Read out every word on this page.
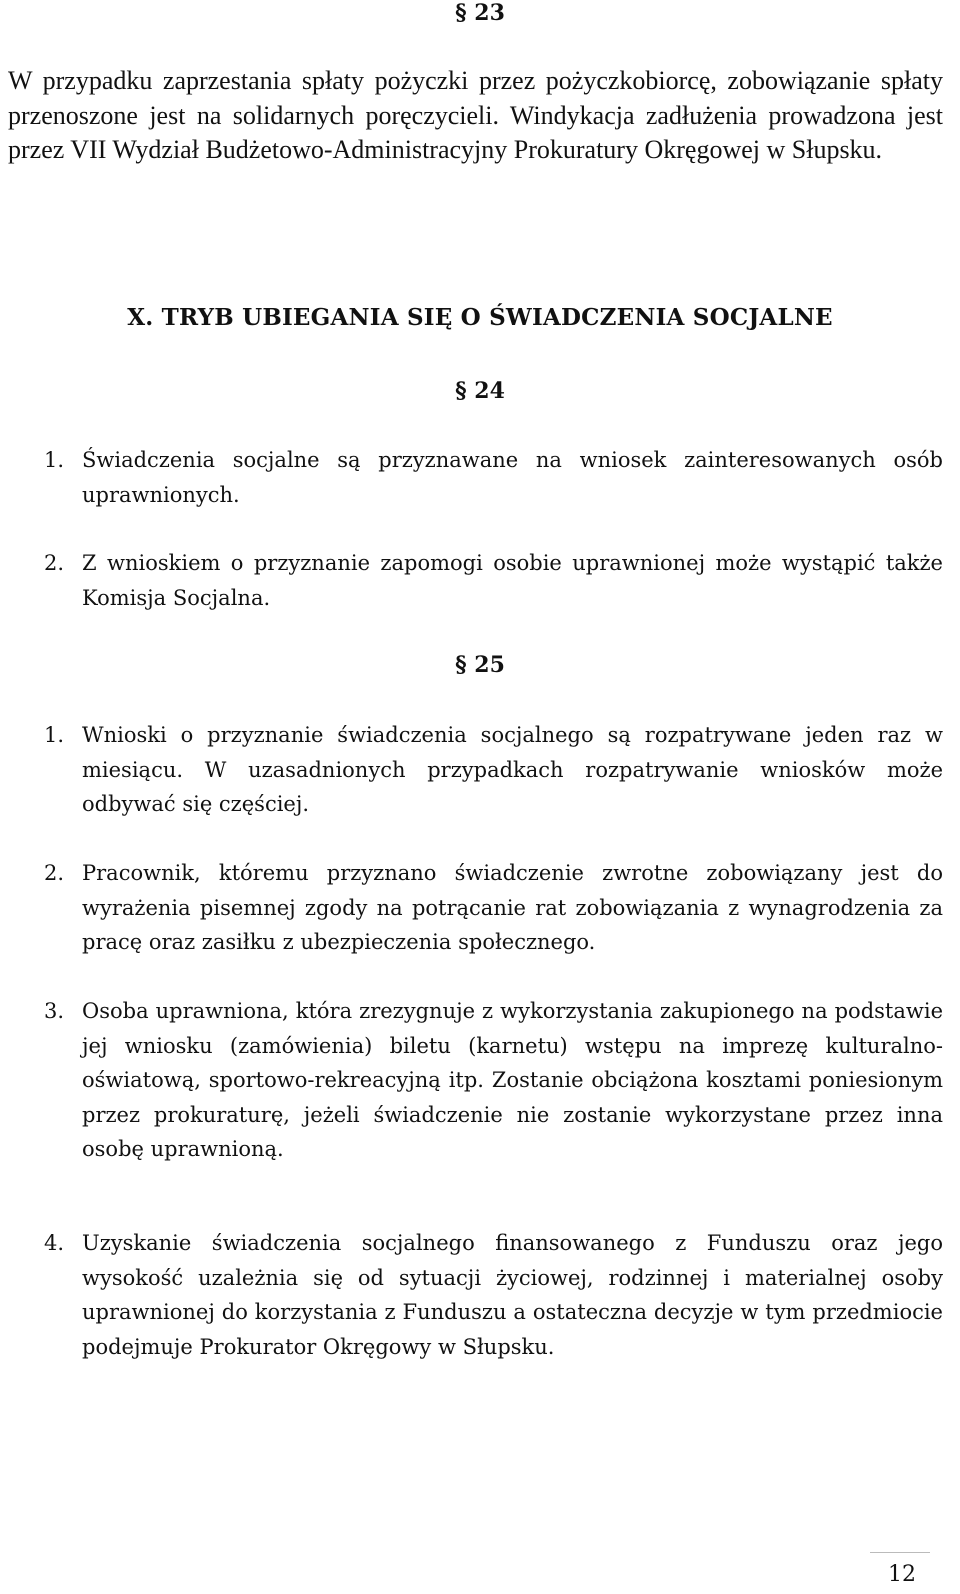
§ 23
W przypadku zaprzestania spłaty pożyczki przez pożyczkobiorcę, zobowiązanie spłaty przenoszone jest na solidarnych poręczycieli. Windykacja zadłużenia prowadzona jest przez VII Wydział Budżetowo-Administracyjny Prokuratury Okręgowej w Słupsku.
X. TRYB UBIEGANIA SIĘ O ŚWIADCZENIA SOCJALNE
§ 24
1. Świadczenia socjalne są przyznawane na wniosek zainteresowanych osób uprawnionych.
2. Z wnioskiem o przyznanie zapomogi osobie uprawnionej może wystąpić także Komisja Socjalna.
§ 25
1. Wnioski o przyznanie świadczenia socjalnego są rozpatrywane jeden raz w miesiącu. W uzasadnionych przypadkach rozpatrywanie wniosków może odbywać się częściej.
2. Pracownik, któremu przyznano świadczenie zwrotne zobowiązany jest do wyrażenia pisemnej zgody na potrącanie rat zobowiązania z wynagrodzenia za pracę oraz zasiłku z ubezpieczenia społecznego.
3. Osoba uprawniona, która zrezygnuje z wykorzystania zakupionego na podstawie jej wniosku (zamówienia) biletu (karnetu) wstępu na imprezę kulturalno-oświatową, sportowo-rekreacyjną itp. Zostanie obciążona kosztami poniesionym przez prokuraturę, jeżeli świadczenie nie zostanie wykorzystane przez inna osobę uprawnioną.
4. Uzyskanie świadczenia socjalnego finansowanego z Funduszu oraz jego wysokość uzależnia się od sytuacji życiowej, rodzinnej i materialnej osoby uprawnionej do korzystania z Funduszu a ostateczna decyzje w tym przedmiocie podejmuje Prokurator Okręgowy w Słupsku.
12
